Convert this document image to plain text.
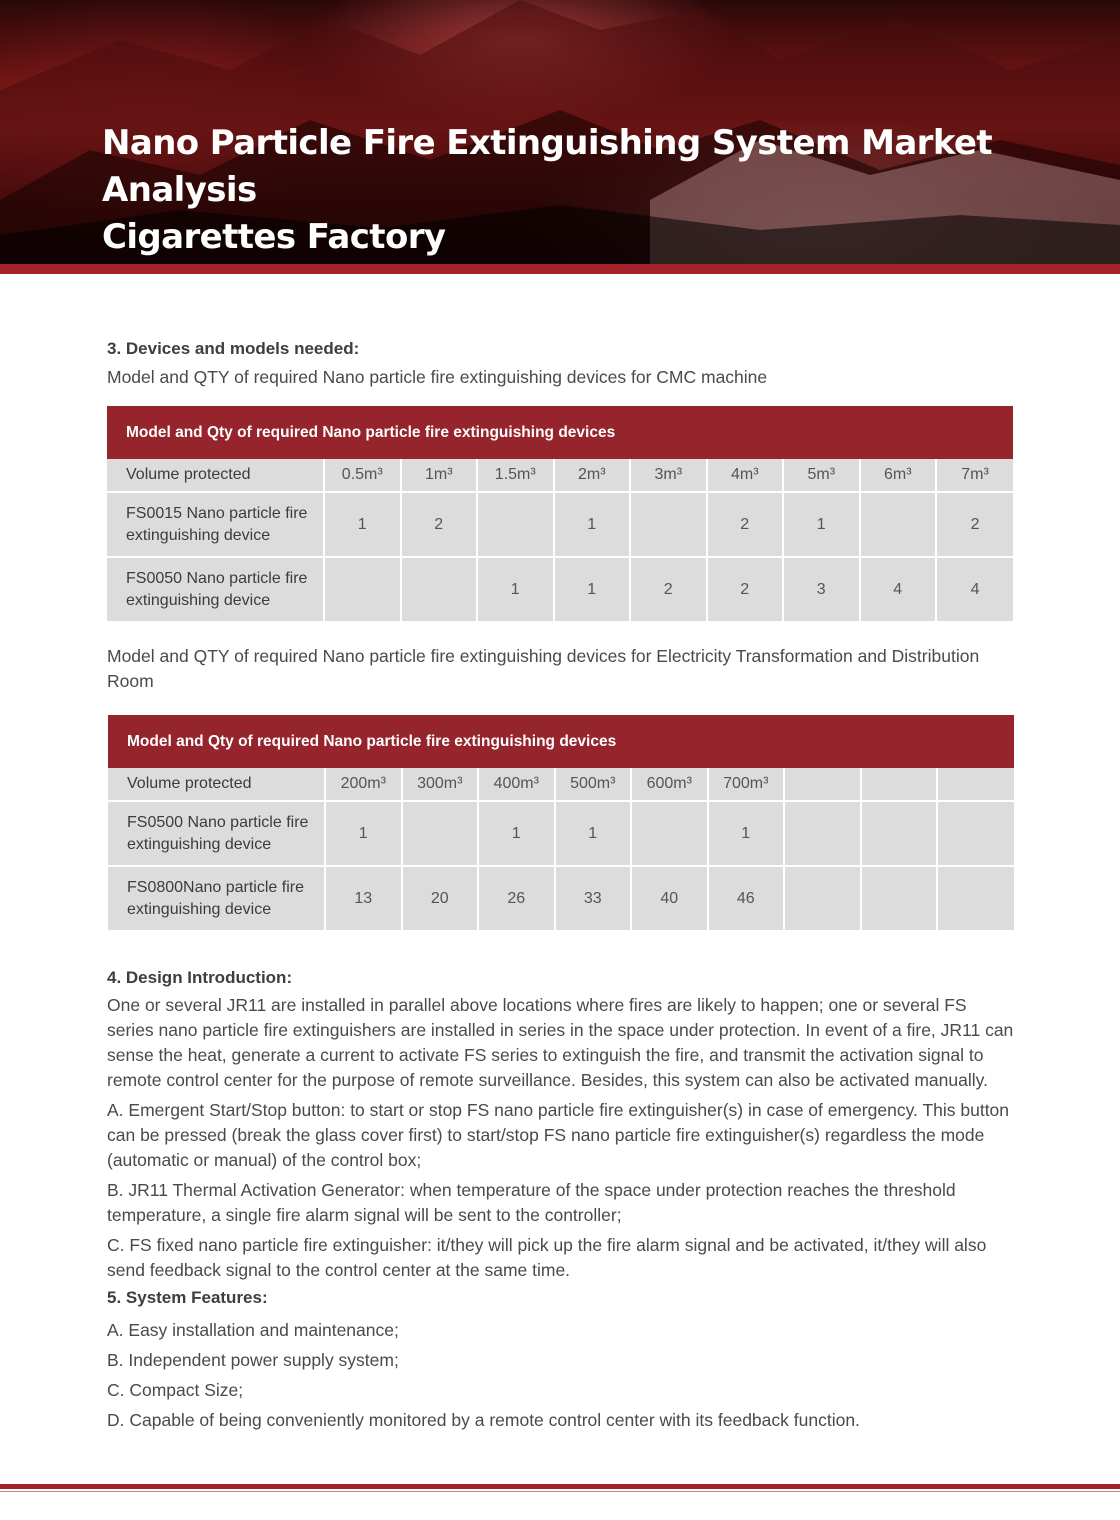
Nano Particle Fire Extinguishing System Market Analysis
Cigarettes Factory

3. Devices and models needed:

Model and QTY of required Nano particle fire extinguishing devices for CMC machine

Model and Qty of required Nano particle fire extinguishing devices									
Volume protected	0.5m³	1m³	1.5m³	2m³	3m³	4m³	5m³	6m³	7m³
FS0015 Nano particle fire extinguishing device	1	2		1		2	1		2
FS0050 Nano particle fire extinguishing device			1	1	2	2	3	4	4

Model and QTY of required Nano particle fire extinguishing devices for Electricity Transformation and Distribution Room

Model and Qty of required Nano particle fire extinguishing devices									
Volume protected	200m³	300m³	400m³	500m³	600m³	700m³			
FS0500 Nano particle fire extinguishing device	1		1	1		1			
FS0800Nano particle fire extinguishing device	13	20	26	33	40	46			

4. Design Introduction:

One or several JR11 are installed in parallel above locations where fires are likely to happen; one or several FS series nano particle fire extinguishers are installed in series in the space under protection. In event of a fire, JR11 can sense the heat, generate a current to activate FS series to extinguish the fire, and transmit the activation signal to remote control center for the purpose of remote surveillance. Besides, this system can also be activated manually.

A. Emergent Start/Stop button: to start or stop FS nano particle fire extinguisher(s) in case of emergency. This button can be pressed (break the glass cover first) to start/stop FS nano particle fire extinguisher(s) regardless the mode (automatic or manual) of the control box;

B. JR11 Thermal Activation Generator: when temperature of the space under protection reaches the threshold temperature, a single fire alarm signal will be sent to the controller;

C. FS fixed nano particle fire extinguisher: it/they will pick up the fire alarm signal and be activated, it/they will also send feedback signal to the control center at the same time.

5. System Features:

A. Easy installation and maintenance;

B. Independent power supply system;

C. Compact Size;

D. Capable of being conveniently monitored by a remote control center with its feedback function.
